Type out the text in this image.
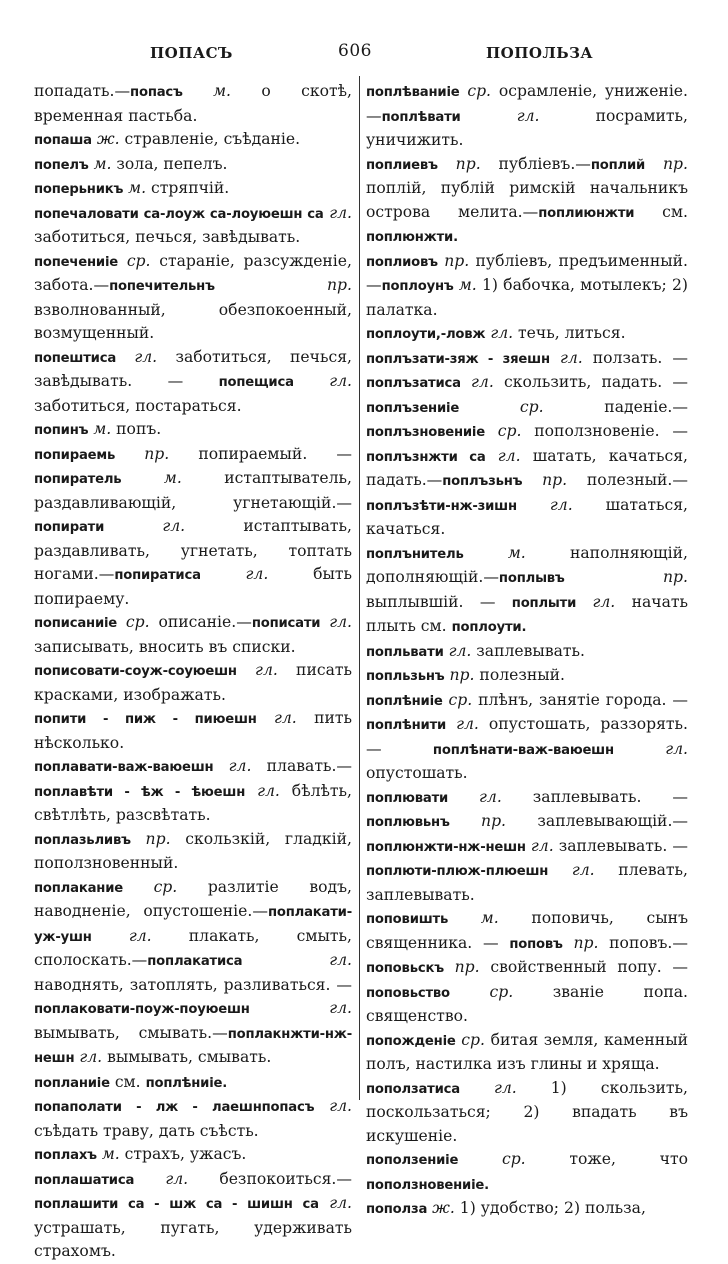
ПОПАСЪ	606	ПОПОЛЬЗА

попадать.—попасъ м. о скотѣ, временная пастьба.

попаша ж. стравленіе, съѣданіе.

попелъ м. зола, пепелъ.

поперьникъ м. стряпчій.

попечаловати са-лоуж са-лоуюешн са гл. заботиться, печься, завѣдывать.

попечениіе ср. стараніе, разсужденіе, забота.—попечительнъ пр. взволнованный, обезпокоенный, возмущенный.

попештиса гл. заботиться, печься, завѣдывать. — попещиса гл. заботиться, постараться.

попинъ м. попъ.

попираемь пр. попираемый. — попиратель м. истаптыватель, раздавливающій, угнетающій.—попирати гл. истаптывать, раздавливать, угнетать, топтать ногами.—попиратиса гл. быть попираему.

пописаниіе ср. описаніе.—пописати гл. записывать, вносить въ списки.

пописовати-соуж-соуюешн гл. писать красками, изображать.

попити - пиж - пиюешн гл. пить нѣсколько.

поплавати-важ-ваюешн гл. плавать.—поплавѣти - ѣж - ѣюешн гл. бѣлѣть, свѣтлѣть, разсвѣтать.

поплазьливъ пр. скользкій, гладкій, поползновенный.

поплакание ср. разлитіе водъ, наводненіе, опустошеніе.—поплакати-уж-ушн гл. плакать, смыть, сполоскать.—поплакатиса гл. наводнять, затоплять, разливаться. — поплаковати-поуж-поуюешн гл. вымывать, смывать.—поплакнжти-нж-нешн гл. вымывать, смывать.

попланиіе см. поплѣниіе.

попаполати - лж - лаешнпопасъ гл. съѣдать траву, дать съѣсть.

поплахъ м. страхъ, ужасъ.

поплашатиса гл. безпокоиться.—поплашити са - шж са - шишн са гл. устрашать, пугать, удерживать страхомъ.

поплѣваниіе ср. осрамленіе, униженіе. —поплѣвати гл. посрамить, уничижить.

поплиевъ пр. публіевъ.—поплий пр. поплій, публій римскій начальникъ острова мелита.—поплиюнжти см. поплюнжти.

поплиовъ пр. публіевъ, предъименный.—поплоунъ м. 1) бабочка, мотылекъ; 2) палатка.

поплоути,-ловж гл. течь, литься.

поплъзати-зяж - зяешн гл. ползать. — поплъзатиса гл. скользить, падать. — поплъзениіе ср. паденіе.—поплъзновениіе ср. поползновеніе. — поплъзнжти са гл. шатать, качаться, падать.—поплъзьнъ пр. полезный.—поплъзѣти-нж-зишн гл. шататься, качаться.

поплънитель м. наполняющій, дополняющій.—поплывъ пр. выплывшій. — поплыти гл. начать плыть см. поплоути.

попльвати гл. заплевывать.

попльзьнъ пр. полезный.

поплѣниіе ср. плѣнъ, занятіе города. —поплѣнити гл. опустошать, раззорять. — поплѣнати-важ-ваюешн гл. опустошать.

поплювати гл. заплевывать. — поплювьнъ пр. заплевывающій.—поплюнжти-нж-нешн гл. заплевывать. —поплюти-плюж-плюешн гл. плевать, заплевывать.

поповишть м. поповичь, сынъ священника. — поповъ пр. поповъ.—поповьскъ пр. свойственный попу. —поповьство ср. званіе попа. священство.

попожденіе ср. битая земля, каменный полъ, настилка изъ глины и хряща.

поползатиса гл. 1) скользить, поскользаться; 2) впадать въ искушеніе.

поползениіе ср. тоже, что поползновениіе.

пополза ж. 1) удобство; 2) польза,
